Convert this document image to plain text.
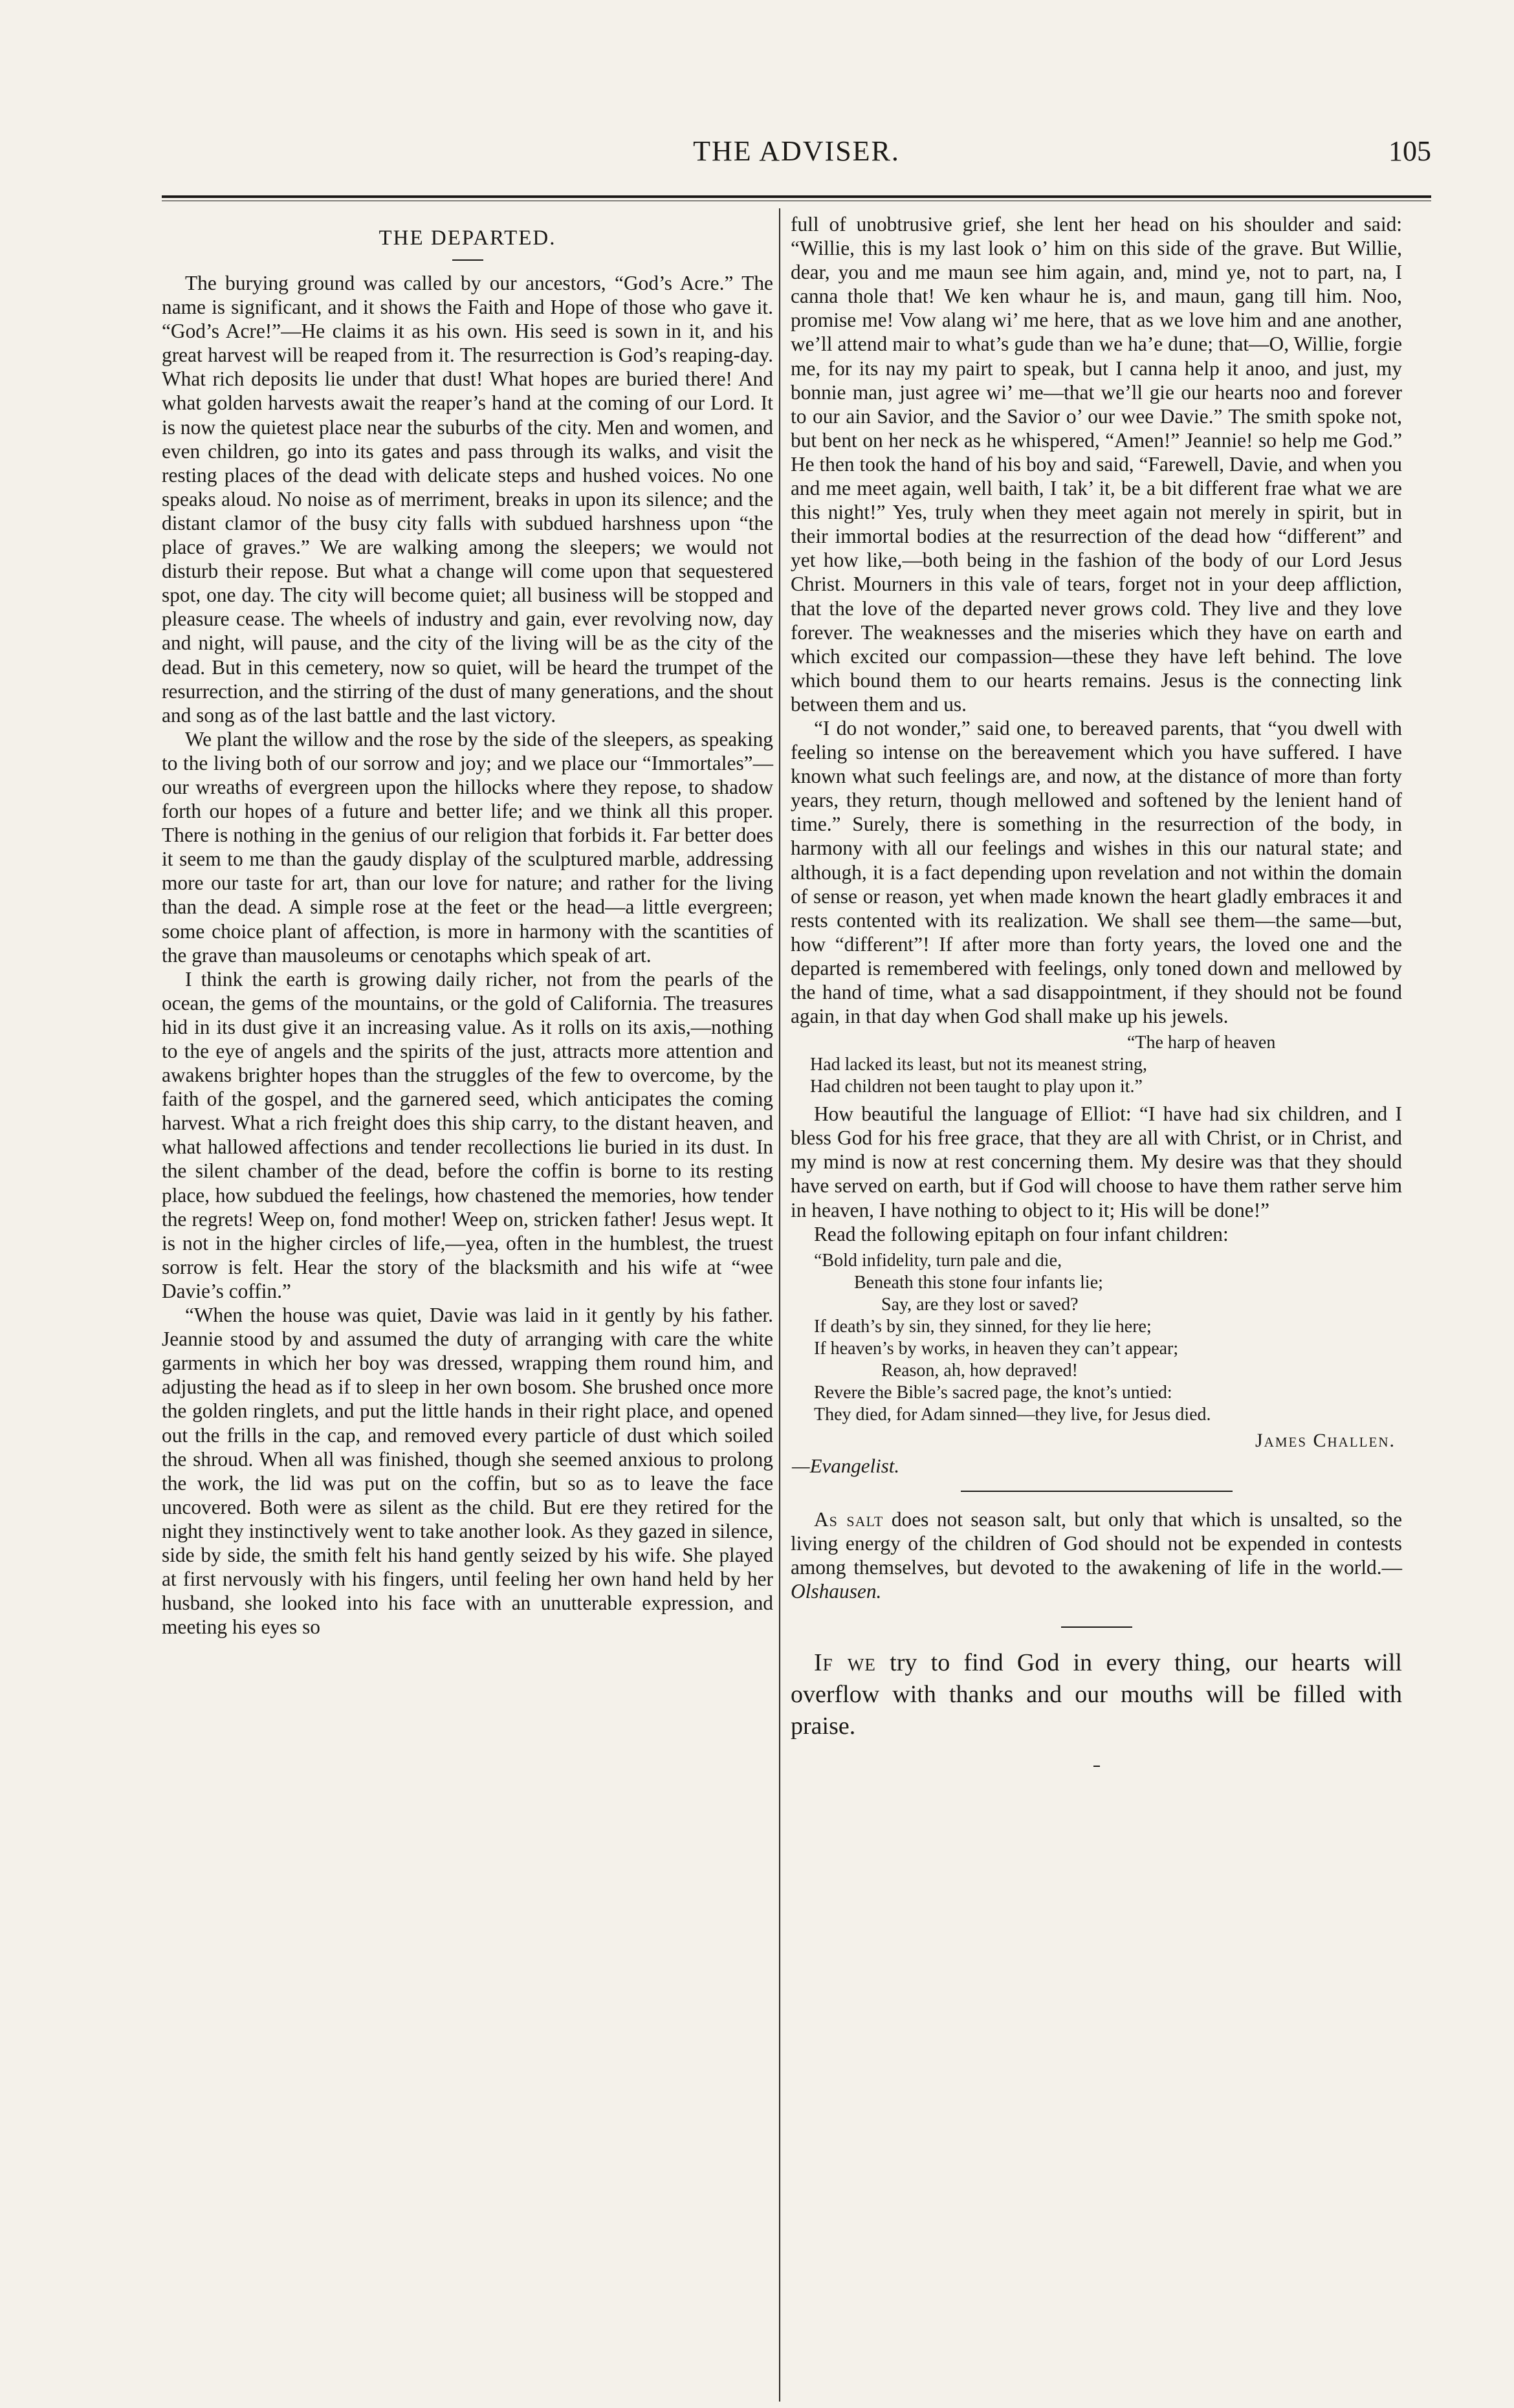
THE ADVISER.	105
THE DEPARTED.

The burying ground was called by our ancestors, “God’s Acre.” The name is significant, and it shows the Faith and Hope of those who gave it. “God’s Acre!”—He claims it as his own. His seed is sown in it, and his great harvest will be reaped from it. The resurrection is God’s reaping-day. What rich deposits lie under that dust! What hopes are buried there! And what golden harvests await the reaper’s hand at the coming of our Lord. It is now the quietest place near the suburbs of the city. Men and women, and even children, go into its gates and pass through its walks, and visit the resting places of the dead with delicate steps and hushed voices. No one speaks aloud. No noise as of merriment, breaks in upon its silence; and the distant clamor of the busy city falls with subdued harshness upon “the place of graves.” We are walking among the sleepers; we would not disturb their repose. But what a change will come upon that sequestered spot, one day. The city will become quiet; all business will be stopped and pleasure cease. The wheels of industry and gain, ever revolving now, day and night, will pause, and the city of the living will be as the city of the dead. But in this cemetery, now so quiet, will be heard the trumpet of the resurrection, and the stirring of the dust of many generations, and the shout and song as of the last battle and the last victory.

We plant the willow and the rose by the side of the sleepers, as speaking to the living both of our sorrow and joy; and we place our “Immortales”—our wreaths of evergreen upon the hillocks where they repose, to shadow forth our hopes of a future and better life; and we think all this proper. There is nothing in the genius of our religion that forbids it. Far better does it seem to me than the gaudy display of the sculptured marble, addressing more our taste for art, than our love for nature; and rather for the living than the dead. A simple rose at the feet or the head—a little evergreen; some choice plant of affection, is more in harmony with the scantities of the grave than mausoleums or cenotaphs which speak of art.

I think the earth is growing daily richer, not from the pearls of the ocean, the gems of the mountains, or the gold of California. The treasures hid in its dust give it an increasing value. As it rolls on its axis,—nothing to the eye of angels and the spirits of the just, attracts more attention and awakens brighter hopes than the struggles of the few to overcome, by the faith of the gospel, and the garnered seed, which anticipates the coming harvest. What a rich freight does this ship carry, to the distant heaven, and what hallowed affections and tender recollections lie buried in its dust. In the silent chamber of the dead, before the coffin is borne to its resting place, how subdued the feelings, how chastened the memories, how tender the regrets! Weep on, fond mother! Weep on, stricken father! Jesus wept. It is not in the higher circles of life,—yea, often in the humblest, the truest sorrow is felt. Hear the story of the blacksmith and his wife at “wee Davie’s coffin.”

“When the house was quiet, Davie was laid in it gently by his father. Jeannie stood by and assumed the duty of arranging with care the white garments in which her boy was dressed, wrapping them round him, and adjusting the head as if to sleep in her own bosom. She brushed once more the golden ringlets, and put the little hands in their right place, and opened out the frills in the cap, and removed every particle of dust which soiled the shroud. When all was finished, though she seemed anxious to prolong the work, the lid was put on the coffin, but so as to leave the face uncovered. Both were as silent as the child. But ere they retired for the night they instinctively went to take another look. As they gazed in silence, side by side, the smith felt his hand gently seized by his wife. She played at first nervously with his fingers, until feeling her own hand held by her husband, she looked into his face with an unutterable expression, and meeting his eyes so

full of unobtrusive grief, she lent her head on his shoulder and said: “Willie, this is my last look o’ him on this side of the grave. But Willie, dear, you and me maun see him again, and, mind ye, not to part, na, I canna thole that! We ken whaur he is, and maun, gang till him. Noo, promise me! Vow alang wi’ me here, that as we love him and ane another, we’ll attend mair to what’s gude than we ha’e dune; that—O, Willie, forgie me, for its nay my pairt to speak, but I canna help it anoo, and just, my bonnie man, just agree wi’ me—that we’ll gie our hearts noo and forever to our ain Savior, and the Savior o’ our wee Davie.” The smith spoke not, but bent on her neck as he whispered, “Amen!” Jeannie! so help me God.” He then took the hand of his boy and said, “Farewell, Davie, and when you and me meet again, well baith, I tak’ it, be a bit different frae what we are this night!” Yes, truly when they meet again not merely in spirit, but in their immortal bodies at the resurrection of the dead how “different” and yet how like,—both being in the fashion of the body of our Lord Jesus Christ. Mourners in this vale of tears, forget not in your deep affliction, that the love of the departed never grows cold. They live and they love forever. The weaknesses and the miseries which they have on earth and which excited our compassion—these they have left behind. The love which bound them to our hearts remains. Jesus is the connecting link between them and us.

“I do not wonder,” said one, to bereaved parents, that “you dwell with feeling so intense on the bereavement which you have suffered. I have known what such feelings are, and now, at the distance of more than forty years, they return, though mellowed and softened by the lenient hand of time.” Surely, there is something in the resurrection of the body, in harmony with all our feelings and wishes in this our natural state; and although, it is a fact depending upon revelation and not within the domain of sense or reason, yet when made known the heart gladly embraces it and rests contented with its realization. We shall see them—the same—but, how “different”! If after more than forty years, the loved one and the departed is remembered with feelings, only toned down and mellowed by the hand of time, what a sad disappointment, if they should not be found again, in that day when God shall make up his jewels.

“The harp of heaven
Had lacked its least, but not its meanest string,
Had children not been taught to play upon it.”

How beautiful the language of Elliot: “I have had six children, and I bless God for his free grace, that they are all with Christ, or in Christ, and my mind is now at rest concerning them. My desire was that they should have served on earth, but if God will choose to have them rather serve him in heaven, I have nothing to object to it; His will be done!”

Read the following epitaph on four infant children:

“Bold infidelity, turn pale and die,
Beneath this stone four infants lie;
Say, are they lost or saved?
If death’s by sin, they sinned, for they lie here;
If heaven’s by works, in heaven they can’t appear;
Reason, ah, how depraved!
Revere the Bible’s sacred page, the knot’s untied:
They died, for Adam sinned—they live, for Jesus died.
James Challen.
—Evangelist.

As salt does not season salt, but only that which is unsalted, so the living energy of the children of God should not be expended in contests among themselves, but devoted to the awakening of life in the world.—Olshausen.

If we try to find God in every thing, our hearts will overflow with thanks and our mouths will be filled with praise.
